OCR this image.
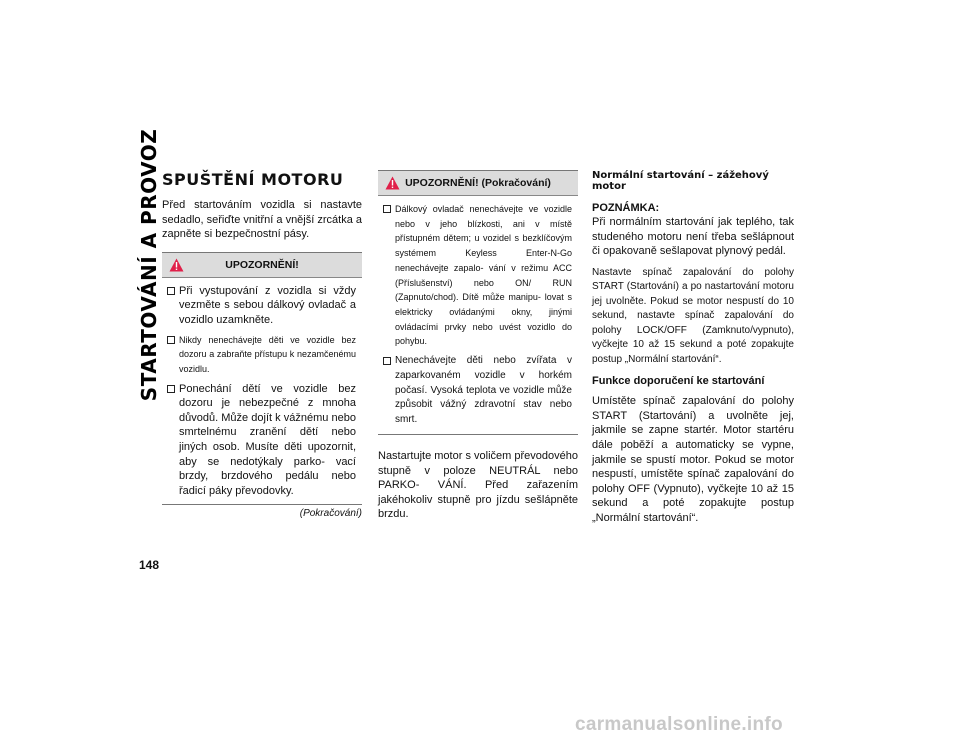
STARTOVÁNÍ A PROVOZ
148
SPUŠTĚNÍ MOTORU

Před startováním vozidla si nastavte sedadlo, seřiďte vnitřní a vnější zrcátka a zapněte si bezpečnostní pásy.

UPOZORNĚNÍ!
Při vystupování z vozidla si vždy vezměte s sebou dálkový ovladač a vozidlo uzamkněte.
Nikdy nenechávejte děti ve vozidle bez dozoru a zabraňte přístupu k nezamčenému vozidlu.
Ponechání dětí ve vozidle bez dozoru je nebezpečné z mnoha důvodů. Může dojít k vážnému nebo smrtelnému zranění dětí nebo jiných osob. Musíte děti upozornit, aby se nedotýkaly parko- vací brzdy, brzdového pedálu nebo řadicí páky převodovky.
(Pokračování)
UPOZORNĚNÍ! (Pokračování)
Dálkový ovladač nenechávejte ve vozidle nebo v jeho blízkosti, ani v místě přístupném dětem; u vozidel s bezklíčovým systémem Keyless Enter-N-Go nenechávejte zapalo- vání v režimu ACC (Příslušenství) nebo ON/ RUN (Zapnuto/chod). Dítě může manipu- lovat s elektricky ovládanými okny, jinými ovládacími prvky nebo uvést vozidlo do pohybu.
Nenechávejte děti nebo zvířata v zaparkovaném vozidle v horkém počasí. Vysoká teplota ve vozidle může způsobit vážný zdravotní stav nebo smrt.

Nastartujte motor s voličem převodového stupně v poloze NEUTRÁL nebo PARKO- VÁNÍ. Před zařazením jakéhokoliv stupně pro jízdu sešlápněte brzdu.

Normální startování – zážehový motor
POZNÁMKA:

Při normálním startování jak teplého, tak studeného motoru není třeba sešlápnout či opakovaně sešlapovat plynový pedál.

Nastavte spínač zapalování do polohy START (Startování) a po nastartování motoru jej uvolněte. Pokud se motor nespustí do 10 sekund, nastavte spínač zapalování do polohy LOCK/OFF (Zamknuto/vypnuto), vyčkejte 10 až 15 sekund a poté zopakujte postup „Normální startování“.

Funkce doporučení ke startování

Umístěte spínač zapalování do polohy START (Startování) a uvolněte jej, jakmile se zapne startér. Motor startéru dále poběží a automaticky se vypne, jakmile se spustí motor. Pokud se motor nespustí, umístěte spínač zapalování do polohy OFF (Vypnuto), vyčkejte 10 až 15 sekund a poté zopakujte postup „Normální startování“.

carmanualsonline.info
